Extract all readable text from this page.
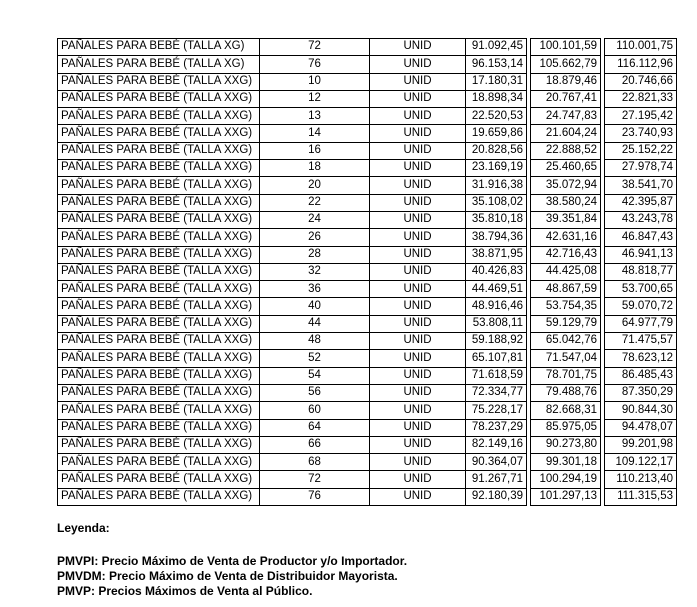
PAÑALES PARA BEBÉ (TALLA XG)	72	UNID	91.092,45		100.101,59		110.001,75
PAÑALES PARA BEBÉ (TALLA XG)	76	UNID	96.153,14		105.662,79		116.112,96
PAÑALES PARA BEBÉ (TALLA XXG)	10	UNID	17.180,31		18.879,46		20.746,66
PAÑALES PARA BEBÉ (TALLA XXG)	12	UNID	18.898,34		20.767,41		22.821,33
PAÑALES PARA BEBÉ (TALLA XXG)	13	UNID	22.520,53		24.747,83		27.195,42
PAÑALES PARA BEBÉ (TALLA XXG)	14	UNID	19.659,86		21.604,24		23.740,93
PAÑALES PARA BEBÉ (TALLA XXG)	16	UNID	20.828,56		22.888,52		25.152,22
PAÑALES PARA BEBÉ (TALLA XXG)	18	UNID	23.169,19		25.460,65		27.978,74
PAÑALES PARA BEBÉ (TALLA XXG)	20	UNID	31.916,38		35.072,94		38.541,70
PAÑALES PARA BEBÉ (TALLA XXG)	22	UNID	35.108,02		38.580,24		42.395,87
PAÑALES PARA BEBÉ (TALLA XXG)	24	UNID	35.810,18		39.351,84		43.243,78
PAÑALES PARA BEBÉ (TALLA XXG)	26	UNID	38.794,36		42.631,16		46.847,43
PAÑALES PARA BEBÉ (TALLA XXG)	28	UNID	38.871,95		42.716,43		46.941,13
PAÑALES PARA BEBÉ (TALLA XXG)	32	UNID	40.426,83		44.425,08		48.818,77
PAÑALES PARA BEBÉ (TALLA XXG)	36	UNID	44.469,51		48.867,59		53.700,65
PAÑALES PARA BEBÉ (TALLA XXG)	40	UNID	48.916,46		53.754,35		59.070,72
PAÑALES PARA BEBÉ (TALLA XXG)	44	UNID	53.808,11		59.129,79		64.977,79
PAÑALES PARA BEBÉ (TALLA XXG)	48	UNID	59.188,92		65.042,76		71.475,57
PAÑALES PARA BEBÉ (TALLA XXG)	52	UNID	65.107,81		71.547,04		78.623,12
PAÑALES PARA BEBÉ (TALLA XXG)	54	UNID	71.618,59		78.701,75		86.485,43
PAÑALES PARA BEBÉ (TALLA XXG)	56	UNID	72.334,77		79.488,76		87.350,29
PAÑALES PARA BEBÉ (TALLA XXG)	60	UNID	75.228,17		82.668,31		90.844,30
PAÑALES PARA BEBÉ (TALLA XXG)	64	UNID	78.237,29		85.975,05		94.478,07
PAÑALES PARA BEBÉ (TALLA XXG)	66	UNID	82.149,16		90.273,80		99.201,98
PAÑALES PARA BEBÉ (TALLA XXG)	68	UNID	90.364,07		99.301,18		109.122,17
PAÑALES PARA BEBÉ (TALLA XXG)	72	UNID	91.267,71		100.294,19		110.213,40
PAÑALES PARA BEBÉ (TALLA XXG)	76	UNID	92.180,39		101.297,13		111.315,53
Leyenda:
PMVPI: Precio Máximo de Venta de Productor y/o Importador.
PMVDM: Precio Máximo de Venta de Distribuidor Mayorista.
PMVP: Precios Máximos de Venta al Público.
